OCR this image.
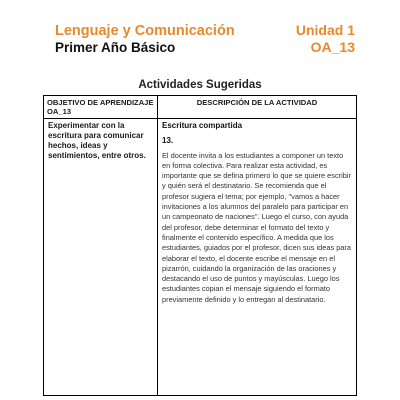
Lenguaje y Comunicación	Unidad 1
Primer Año Básico	OA_13
Actividades Sugeridas
OBJETIVO DE APRENDIZAJE OA_13	DESCRIPCIÓN DE LA ACTIVIDAD
Experimentar con la escritura para comunicar hechos, ideas y sentimientos, entre otros.	Escritura compartida
13.
El docente invita a los estudiantes a componer un texto en forma colectiva. Para realizar esta actividad, es importante que se defina primero lo que se quiere escribir y quién será el destinatario. Se recomienda que el profesor sugiera el tema; por ejemplo, "vamos a hacer invitaciones a los alumnos del paralelo para participar en un campeonato de naciones". Luego el curso, con ayuda del profesor, debe determinar el formato del texto y finalmente el contenido específico. A medida que los estudiantes, guiados por el profesor, dicen sus ideas para elaborar el texto, el docente escribe el mensaje en el pizarrón, cuidando la organización de las oraciones y destacando el uso de puntos y mayúsculas. Luego los estudiantes copian el mensaje siguiendo el formato previamente definido y lo entregan al destinatario.
